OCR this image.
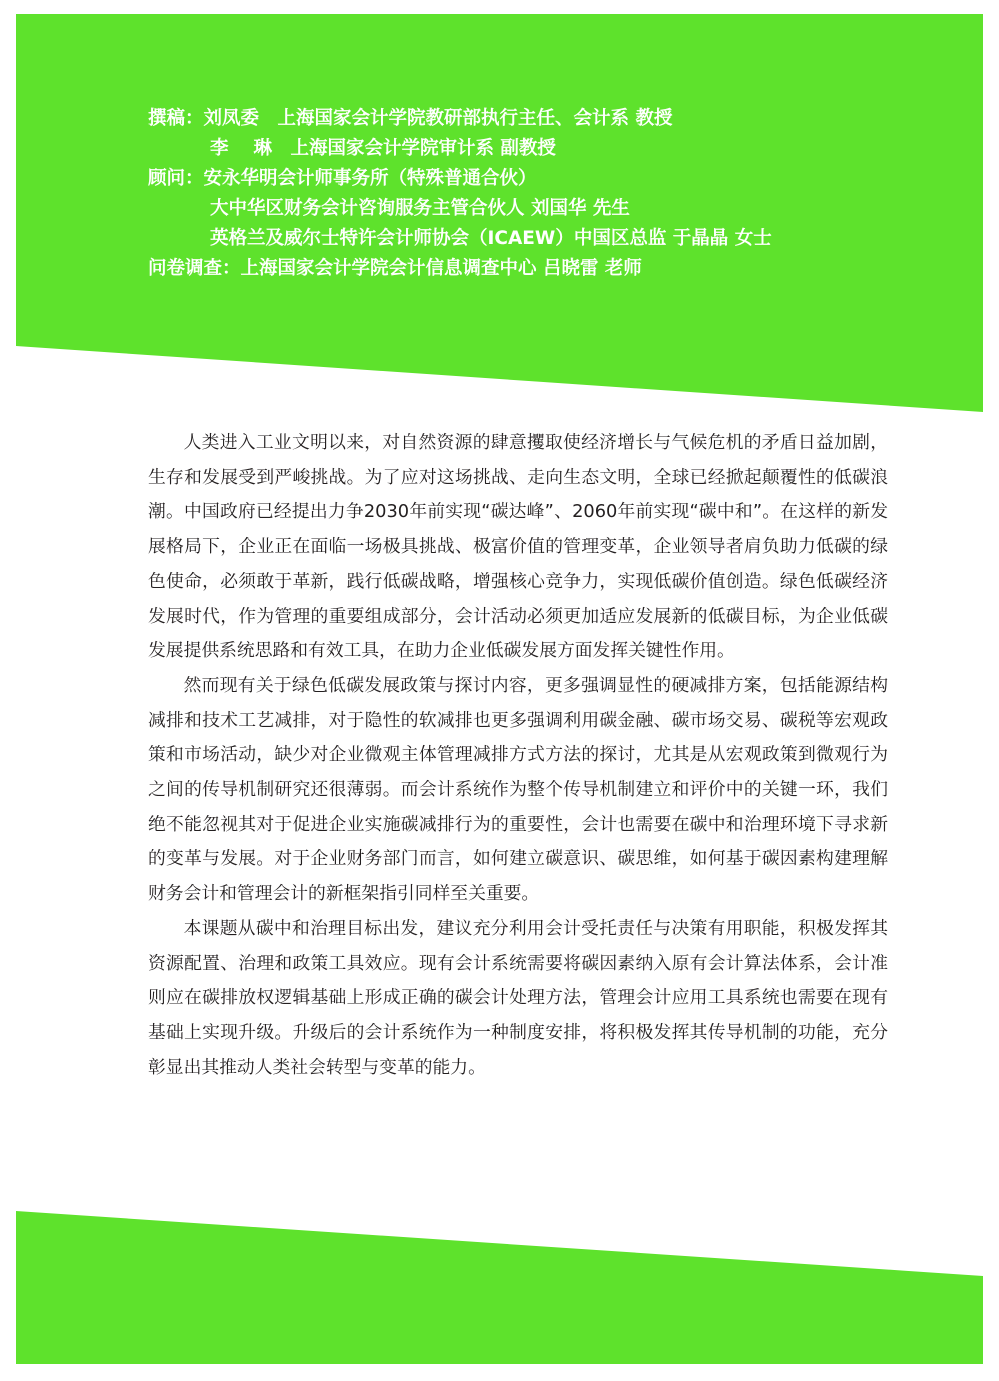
撰稿：刘凤委　上海国家会计学院教研部执行主任、会计系 教授
李　 琳　上海国家会计学院审计系 副教授
顾问：安永华明会计师事务所（特殊普通合伙）
大中华区财务会计咨询服务主管合伙人 刘国华 先生
英格兰及威尔士特许会计师协会（ICAEW）中国区总监 于晶晶 女士
问卷调查：上海国家会计学院会计信息调查中心 吕晓雷 老师

人类进入工业文明以来，对自然资源的肆意攫取使经济增长与气候危机的矛盾日益加剧，生存和发展受到严峻挑战。为了应对这场挑战、走向生态文明，全球已经掀起颠覆性的低碳浪潮。中国政府已经提出力争2030年前实现“碳达峰”、2060年前实现“碳中和”。在这样的新发展格局下，企业正在面临一场极具挑战、极富价值的管理变革，企业领导者肩负助力低碳的绿色使命，必须敢于革新，践行低碳战略，增强核心竞争力，实现低碳价值创造。绿色低碳经济发展时代，作为管理的重要组成部分，会计活动必须更加适应发展新的低碳目标，为企业低碳发展提供系统思路和有效工具，在助力企业低碳发展方面发挥关键性作用。

然而现有关于绿色低碳发展政策与探讨内容，更多强调显性的硬减排方案，包括能源结构减排和技术工艺减排，对于隐性的软减排也更多强调利用碳金融、碳市场交易、碳税等宏观政策和市场活动，缺少对企业微观主体管理减排方式方法的探讨，尤其是从宏观政策到微观行为之间的传导机制研究还很薄弱。而会计系统作为整个传导机制建立和评价中的关键一环，我们绝不能忽视其对于促进企业实施碳减排行为的重要性，会计也需要在碳中和治理环境下寻求新的变革与发展。对于企业财务部门而言，如何建立碳意识、碳思维，如何基于碳因素构建理解财务会计和管理会计的新框架指引同样至关重要。

本课题从碳中和治理目标出发，建议充分利用会计受托责任与决策有用职能，积极发挥其资源配置、治理和政策工具效应。现有会计系统需要将碳因素纳入原有会计算法体系，会计准则应在碳排放权逻辑基础上形成正确的碳会计处理方法，管理会计应用工具系统也需要在现有基础上实现升级。升级后的会计系统作为一种制度安排，将积极发挥其传导机制的功能，充分彰显出其推动人类社会转型与变革的能力。
